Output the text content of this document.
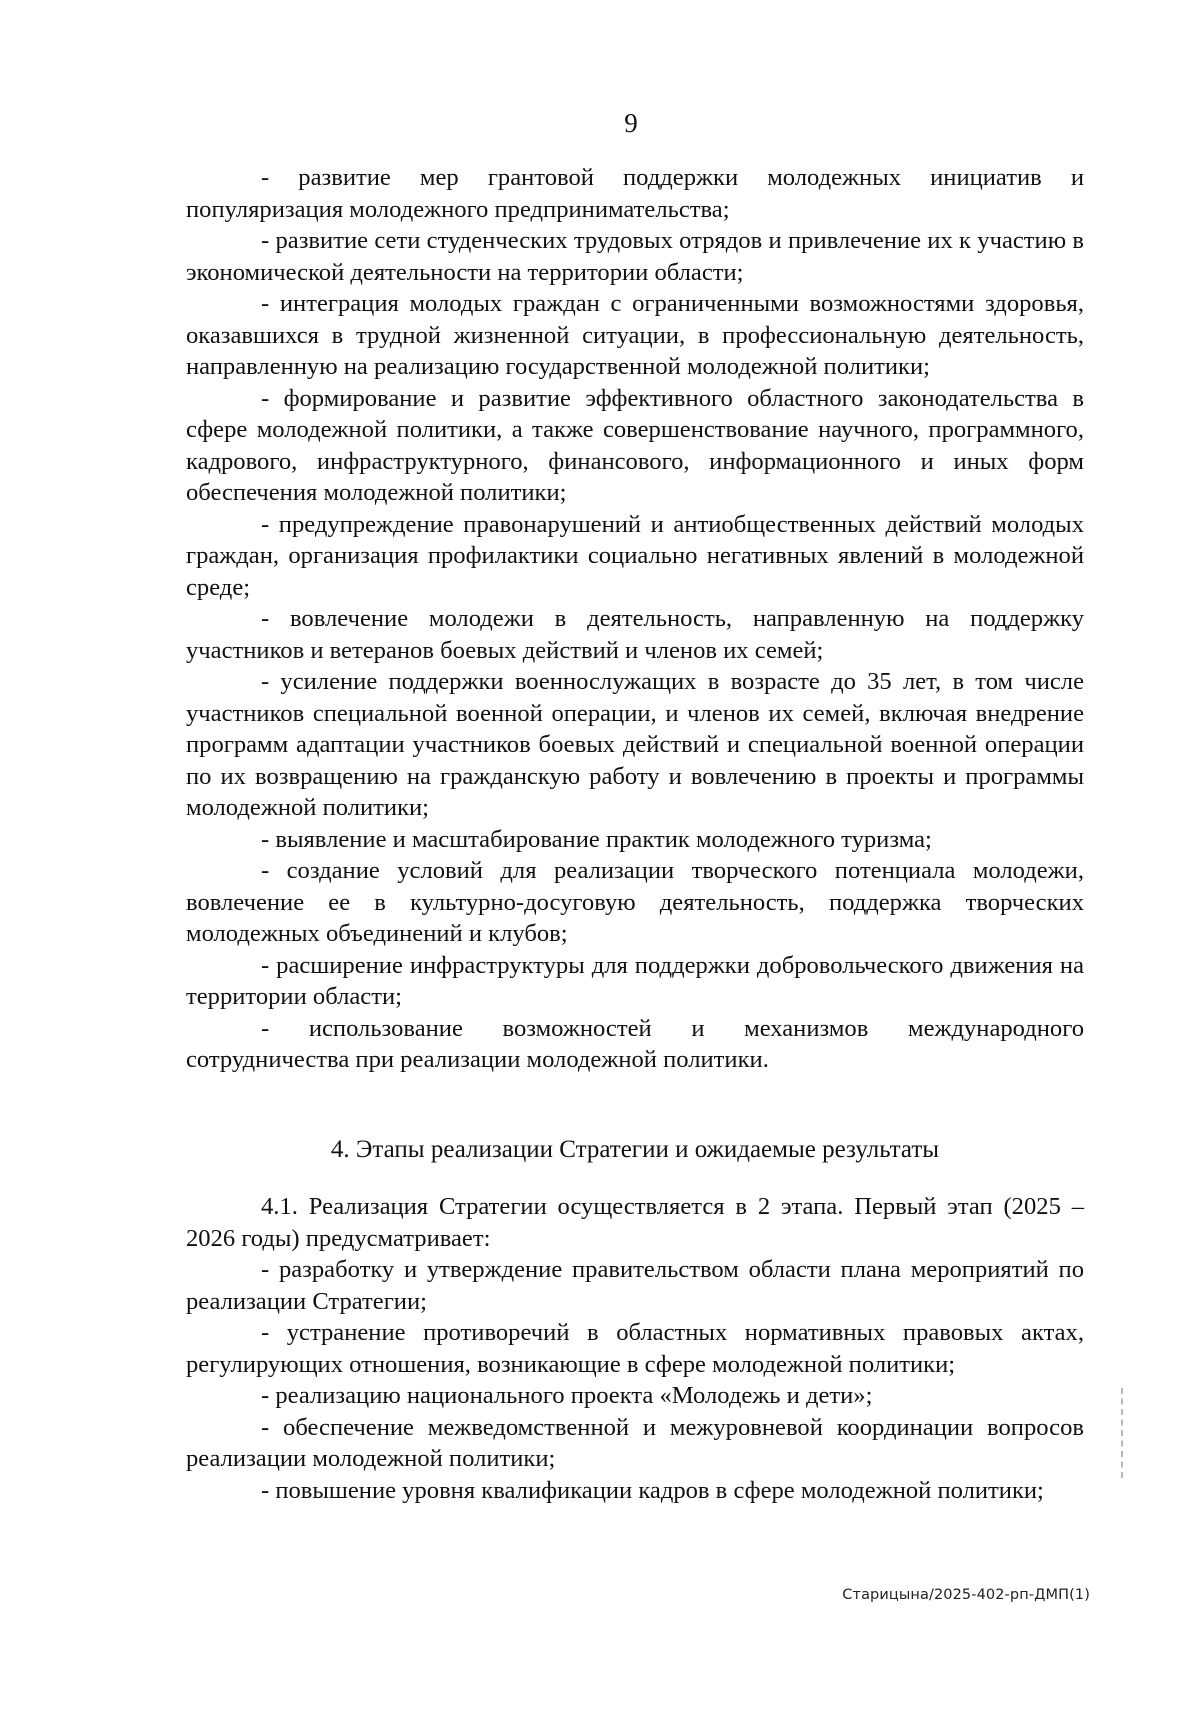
9

- развитие мер грантовой поддержки молодежных инициатив и популяризация молодежного предпринимательства;

- развитие сети студенческих трудовых отрядов и привлечение их к участию в экономической деятельности на территории области;

- интеграция молодых граждан с ограниченными возможностями здоровья, оказавшихся в трудной жизненной ситуации, в профессиональную деятельность, направленную на реализацию государственной молодежной политики;

- формирование и развитие эффективного областного законодательства в сфере молодежной политики, а также совершенствование научного, программного, кадрового, инфраструктурного, финансового, информационного и иных форм обеспечения молодежной политики;

- предупреждение правонарушений и антиобщественных действий молодых граждан, организация профилактики социально негативных явлений в молодежной среде;

- вовлечение молодежи в деятельность, направленную на поддержку участников и ветеранов боевых действий и членов их семей;

- усиление поддержки военнослужащих в возрасте до 35 лет, в том числе участников специальной военной операции, и членов их семей, включая внедрение программ адаптации участников боевых действий и специальной военной операции по их возвращению на гражданскую работу и вовлечению в проекты и программы молодежной политики;

- выявление и масштабирование практик молодежного туризма;

- создание условий для реализации творческого потенциала молодежи, вовлечение ее в культурно-досуговую деятельность, поддержка творческих молодежных объединений и клубов;

- расширение инфраструктуры для поддержки добровольческого движения на территории области;

- использование возможностей и механизмов международного сотрудничества при реализации молодежной политики.

4. Этапы реализации Стратегии и ожидаемые результаты

4.1. Реализация Стратегии осуществляется в 2 этапа. Первый этап (2025 – 2026 годы) предусматривает:

- разработку и утверждение правительством области плана мероприятий по реализации Стратегии;

- устранение противоречий в областных нормативных правовых актах, регулирующих отношения, возникающие в сфере молодежной политики;

- реализацию национального проекта «Молодежь и дети»;

- обеспечение межведомственной и межуровневой координации вопросов реализации молодежной политики;

- повышение уровня квалификации кадров в сфере молодежной политики;

Старицына/2025-402-рп-ДМП(1)
